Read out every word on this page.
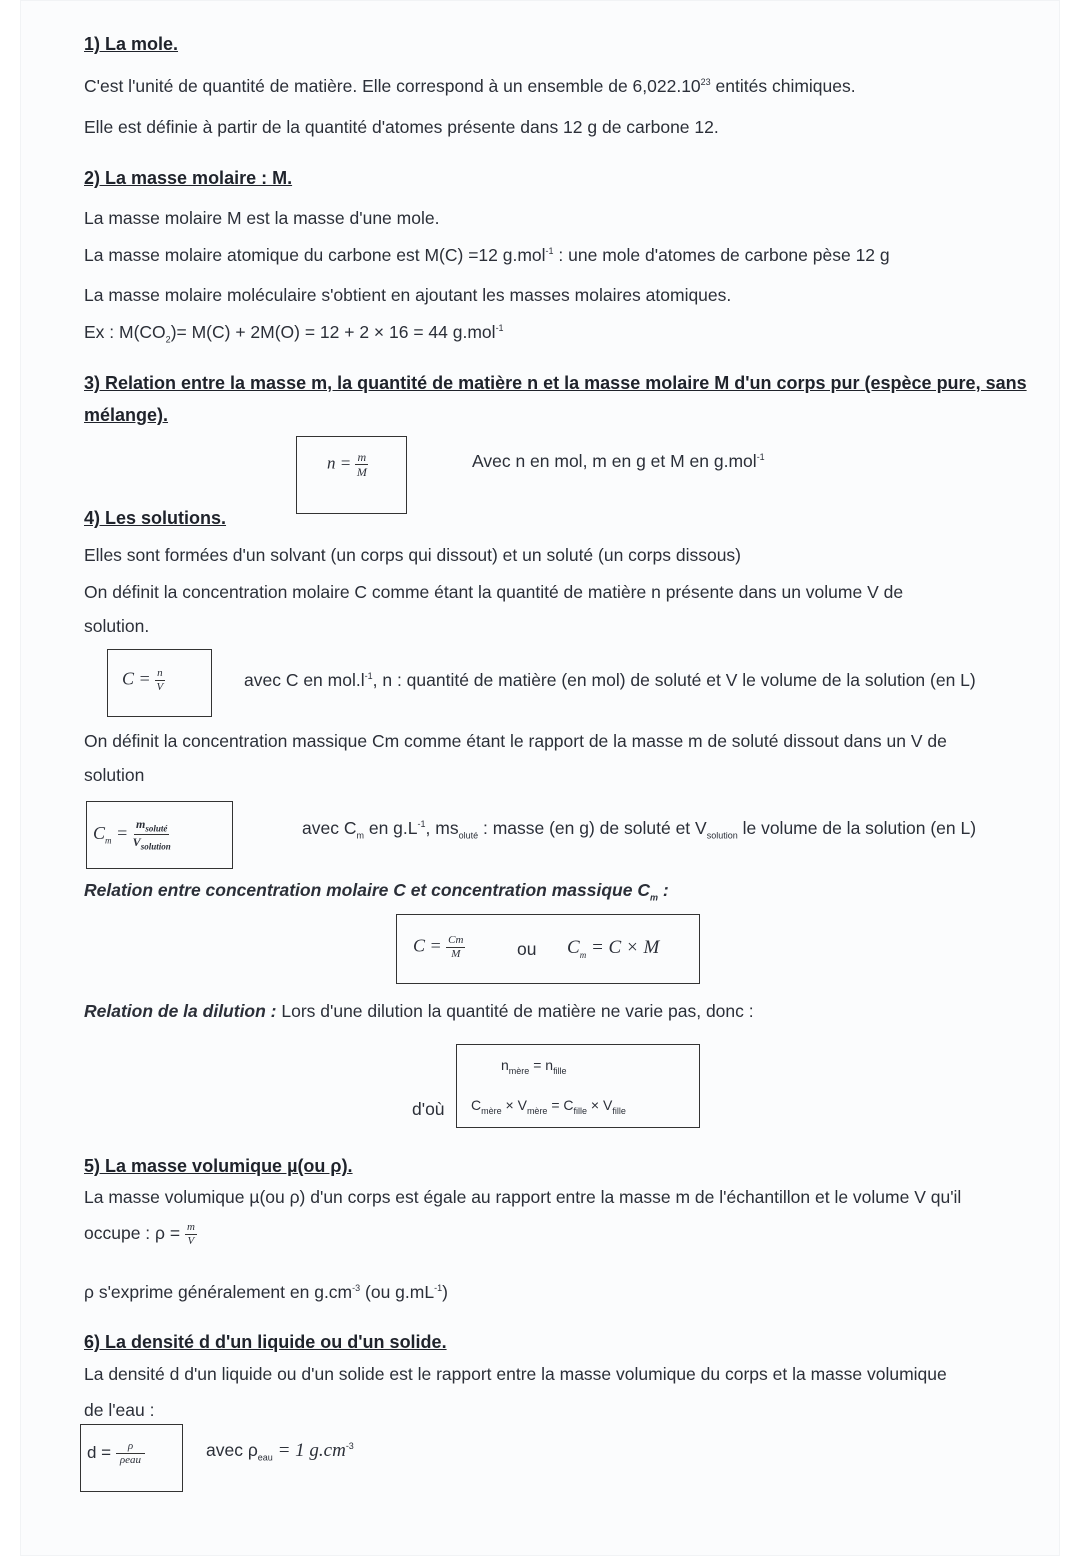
1) La mole.
C'est l'unité de quantité de matière. Elle correspond à un ensemble de 6,022.10$^{23}$ entités chimiques.
Elle est définie à partir de la quantité d'atomes présente dans 12 g de carbone 12.
2) La masse molaire : M.
La masse molaire M est la masse d'une mole.
La masse molaire atomique du carbone est M(C) =12 g.mol$^{-1}$ : une mole d'atomes de carbone pèse 12 g
La masse molaire moléculaire s'obtient en ajoutant les masses molaires atomiques.
Ex : $M(CO_2)= M(C) + 2M(O) = 12 + 2 \times 16 = 44$ g.mol$^{-1}$
3) Relation entre la masse m, la quantité de matière n et la masse molaire M d'un corps pur (espèce pure, sans
mélange).
$n = \frac{m}{M}$	Avec n en mol, m en g et M en g.mol$^{-1}$
4) Les solutions.
Elles sont formées d'un solvant (un corps qui dissout) et un soluté (un corps dissous)
On définit la concentration molaire C comme étant la quantité de matière n présente dans un volume V de
solution.
$C = \frac{n}{V}$	avec C en $mol.l^{-1}$, n : quantité de matière (en mol) de soluté et V le volume de la solution (en L)
On définit la concentration massique Cm comme étant le rapport de la masse m de soluté dissout dans un V de
solution
$C_m = \frac{m_{soluté}}{V_{solution}}$	avec $C_m$ en $g.L^{-1}$, $ms_{oluté}$ : masse (en g) de soluté et $V_{solution}$ le volume de la solution (en L)
Relation entre concentration molaire C et concentration massique $C_m$ :
$C = \frac{Cm}{M}$	ou $C_m = C \times M$
Relation de la dilution : Lors d'une dilution la quantité de matière ne varie pas, donc :
$n_{mère} = n_{fille}$
$C_{mère} \times V_{mère} = C_{fille} \times V_{fille}$
d'où
5) La masse volumique µ(ou ρ).
La masse volumique µ(ou ρ) d'un corps est égale au rapport entre la masse m de l'échantillon et le volume V qu'il
occupe : $\rho = \frac{m}{V}$
ρ s'exprime généralement en $g.cm^{-3}$ (ou $g.mL^{-1}$)
6) La densité d d'un liquide ou d'un solide.
La densité d d'un liquide ou d'un solide est le rapport entre la masse volumique du corps et la masse volumique
de l'eau :
$d = \frac{\rho}{\text{ρeau}}$	avec $\rho_{eau} = 1$ $g.cm^{-3}$
